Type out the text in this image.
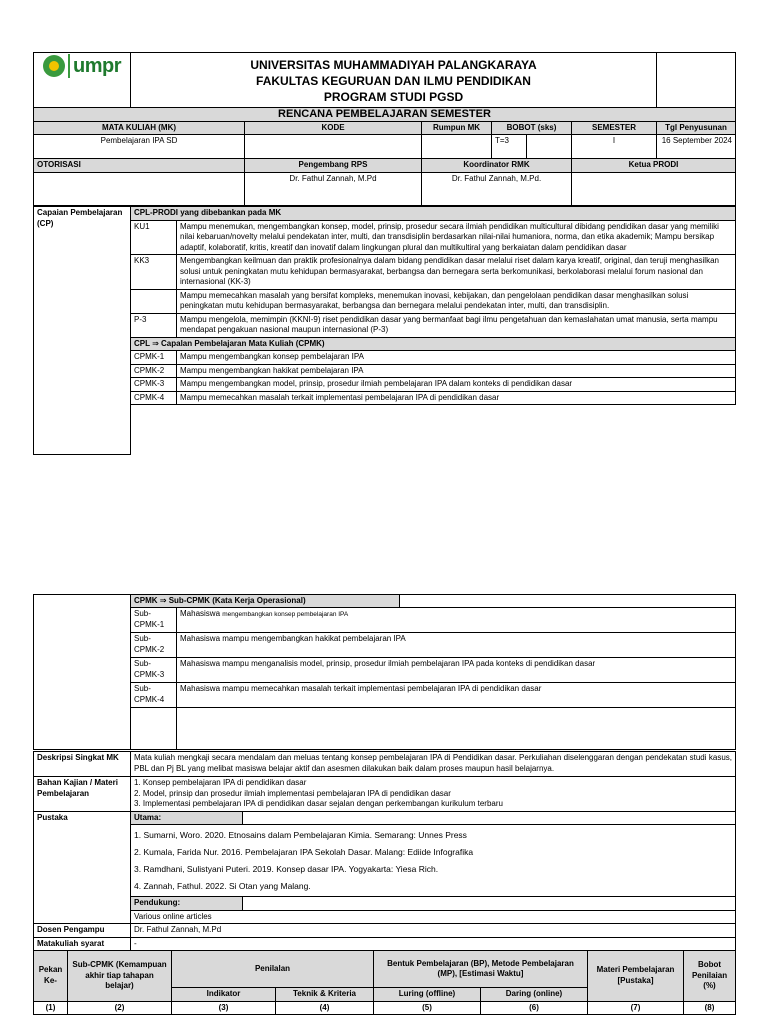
umpr	UNIVERSITAS MUHAMMADIYAH PALANGKARAYA
FAKULTAS KEGURUAN DAN ILMU PENDIDIKAN
PROGRAM STUDI PGSD						

RENCANA PEMBELAJARAN SEMESTER							
MATA KULIAH (MK)		KODE	Rumpun MK	BOBOT (sks)		SEMESTER	Tgl Penyusunan
Pembelajaran IPA SD				T=3		I	16 September 2024
OTORISASI		Pengembang RPS	Koordinator RMK			Ketua PRODI	
		Dr. Fathul Zannah, M.Pd	Dr. Fathul Zannah, M.Pd.				
Capaian Pembelajaran (CP)	CPL-PRODI yang dibebankan pada MK	
	KU1	Mampu menemukan, mengembangkan konsep, model, prinsip, prosedur secara ilmiah pendidikan multicultural dibidang pendidikan dasar yang memiliki nilai kebaruan/novelty melalui pendekatan inter, multi, dan transdisiplin berdasarkan nilai-nilai humaniora, norma, dan etika akademik; Mampu bersikap adaptif, kolaboratif, kritis, kreatif dan inovatif dalam lingkungan plural dan multikultiral yang berkaiatan dalam pendidikan dasar
	KK3	Mengembangkan keilmuan dan praktik profesionalnya dalam bidang pendidikan dasar melalui riset dalam karya kreatif, original, dan teruji menghasilkan solusi untuk peningkatan mutu kehidupan bermasyarakat, berbangsa dan bernegara serta berkomunikasi, berkolaborasi melalui forum nasional dan internasional (KK-3)
		Mampu memecahkan masalah yang bersifat kompleks, menemukan inovasi, kebijakan, dan pengelolaan pendidikan dasar menghasilkan solusi peningkatan mutu kehidupan bermasyarakat, berbangsa dan bernegara melalui pendekatan inter, multi, dan transdisiplin.
	P-3	Mampu mengelola, memimpin (KKNI-9) riset pendidikan dasar yang bermanfaat bagi ilmu pengetahuan dan kemaslahatan umat manusia, serta mampu mendapat pengakuan nasional maupun internasional (P-3)
	CPL ⇒ Capalan Pembelajaran Mata Kuliah (CPMK)	
	CPMK-1	Mampu mengembangkan konsep pembelajaran IPA
	CPMK-2	Mampu mengembangkan hakikat pembelajaran IPA
	CPMK-3	Mampu mengembangkan model, prinsip, prosedur ilmiah pembelajaran IPA dalam konteks di pendidikan dasar
	CPMK-4	Mampu memecahkan masalah terkait implementasi pembelajaran IPA di pendidikan dasar

	CPMK ⇒ Sub-CPMK (Kata Kerja Operasional)	

	Sub-CPMK-1	Mahasiswa mengembangkan konsep pembelajaran IPA
	Sub-CPMK-2	Mahasiswa mampu mengembangkan hakikat pembelajaran IPA
	Sub-CPMK-3	Mahasiswa mampu menganalisis model, prinsip, prosedur ilmiah pembelajaran IPA pada konteks di pendidikan dasar
	Sub-CPMK-4	Mahasiswa mampu memecahkan masalah terkait implementasi pembelajaran IPA di pendidikan dasar

Deskripsi Singkat MK	Mata kuliah mengkaji secara mendalam dan meluas tentang konsep pembelajaran IPA di Pendidikan dasar. Perkuliahan diselenggaran dengan pendekatan studi kasus, PBL dan Pj BL yang melibat masiswa belajar aktif dan asesmen dilakukan baik dalam proses maupun hasil belajarnya.	
Bahan Kajian / Materi Pembelajaran	1. Konsep pembelajaran IPA di pendidikan dasar
2. Model, prinsip dan prosedur ilmiah implementasi pembelajaran IPA di pendidikan dasar
3. Implementasi pembelajaran IPA di pendidikan dasar sejalan dengan perkembangan kurikulum terbaru	

Pustaka	Utama:	

	1. Sumarni, Woro. 2020. Etnosains dalam Pembelajaran Kimia. Semarang: Unnes Press
2. Kumala, Farida Nur. 2016. Pembelajaran IPA Sekolah Dasar. Malang: Ediide Infografika
3. Ramdhani, Sulistyani Puteri. 2019. Konsep dasar IPA. Yogyakarta: Yiesa Rich.
4. Zannah, Fathul. 2022. Si Otan yang Malang.	

	Pendukung:	
	Various online articles	
Dosen Pengampu	Dr. Fathul Zannah, M.Pd	
Matakuliah syarat	-	
Pekan Ke-	Sub-CPMK (Kemampuan akhir tiap tahapan belajar)	Penilalan		Bentuk Pembelajaran (BP), Metode Pembelajaran (MP), [Estimasi Waktu]		Materi Pembelajaran [Pustaka]	Bobot Penilaian (%)
		Indikator	Teknik & Kriteria	Luring (offline)	Daring (online)		
(1)	(2)	(3)	(4)	(5)	(6)	(7)	(8)
